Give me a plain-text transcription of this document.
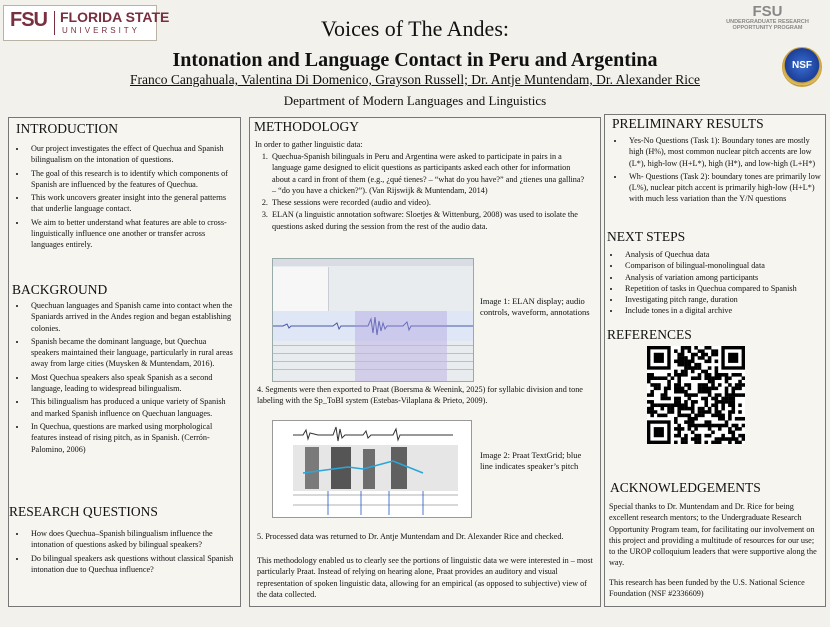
FSU FLORIDA STATE
UNIVERSITY	Voices of The Andes:
Intonation and Language Contact in Peru and Argentina
Franco Cangahuala, Valentina Di Domenico, Grayson Russell; Dr. Antje Muntendam, Dr. Alexander Rice
Department of Modern Languages and Linguistics
FSU
UNDERGRADUATE RESEARCH
OPPORTUNITY PROGRAM
NSF
INTRODUCTION
• Our project investigates the effect of Quechua and Spanish bilingualism on the intonation of questions.
• The goal of this research is to identify which components of Spanish are influenced by the features of Quechua.
• This work uncovers greater insight into the general patterns that underlie language contact.
• We aim to better understand what features are able to cross-linguistically influence one another or transfer across languages entirely.
BACKGROUND
• Quechuan languages and Spanish came into contact when the Spaniards arrived in the Andes region and began establishing colonies.
• Spanish became the dominant language, but Quechua speakers maintained their language, particularly in rural areas away from large cities (Muysken & Muntendam, 2016).
• Most Quechua speakers also speak Spanish as a second language, leading to widespread bilingualism.
• This bilingualism has produced a unique variety of Spanish and marked Spanish influence on Quechuan languages.
• In Quechua, questions are marked using morphological features instead of rising pitch, as in Spanish. (Cerrón-Palomino, 2006)
RESEARCH QUESTIONS
• How does Quechua–Spanish bilingualism influence the intonation of questions asked by bilingual speakers?
• Do bilingual speakers ask questions without classical Spanish intonation due to Quechua influence?
METHODOLOGY
In order to gather linguistic data:
1. Quechua-Spanish bilinguals in Peru and Argentina were asked to participate in pairs in a language game designed to elicit questions as participants asked each other for information about a card in front of them (e.g., ¿qué tienes? – “what do you have?” and ¿tienes una gallina? – “do you have a chicken?”). (Van Rijswijk & Muntendam, 2014)
2. These sessions were recorded (audio and video).
3. ELAN (a linguistic annotation software: Sloetjes & Wittenburg, 2008) was used to isolate the questions asked during the session from the rest of the audio data.
Image 1: ELAN display; audio controls, waveform, annotations
4. Segments were then exported to Praat (Boersma & Weenink, 2025) for syllabic division and tone labeling with the Sp_ToBI system (Estebas-Vilaplana & Prieto, 2009).
Image 2: Praat TextGrid; blue line indicates speaker’s pitch
5. Processed data was returned to Dr. Antje Muntendam and Dr. Alexander Rice and checked.
This methodology enabled us to clearly see the portions of linguistic data we were interested in – most particularly Praat. Instead of relying on hearing alone, Praat provides an auditory and visual representation of spoken linguistic data, allowing for an empirical (as opposed to subjective) view of the data collected.
PRELIMINARY RESULTS
• Yes-No Questions (Task 1): Boundary tones are mostly high (H%), most common nuclear pitch accents are low (L*), high-low (H+L*), high (H*), and low-high (L+H*)
• Wh- Questions (Task 2): boundary tones are primarily low (L%), nuclear pitch accent is primarily high-low (H+L*) with much less variation than the Y/N questions
NEXT STEPS
• Analysis of Quechua data
• Comparison of bilingual-monolingual data
• Analysis of variation among participants
• Repetition of tasks in Quechua compared to Spanish
• Investigating pitch range, duration
• Include tones in a digital archive
REFERENCES
ACKNOWLEDGEMENTS
Special thanks to Dr. Muntendam and Dr. Rice for being excellent research mentors; to the Undergraduate Research Opportunity Program team, for facilitating our involvement on this project and providing a multitude of resources for our use; to the UROP colloquium leaders that were supportive along the way.
This research has been funded by the U.S. National Science Foundation (NSF #2336609)
